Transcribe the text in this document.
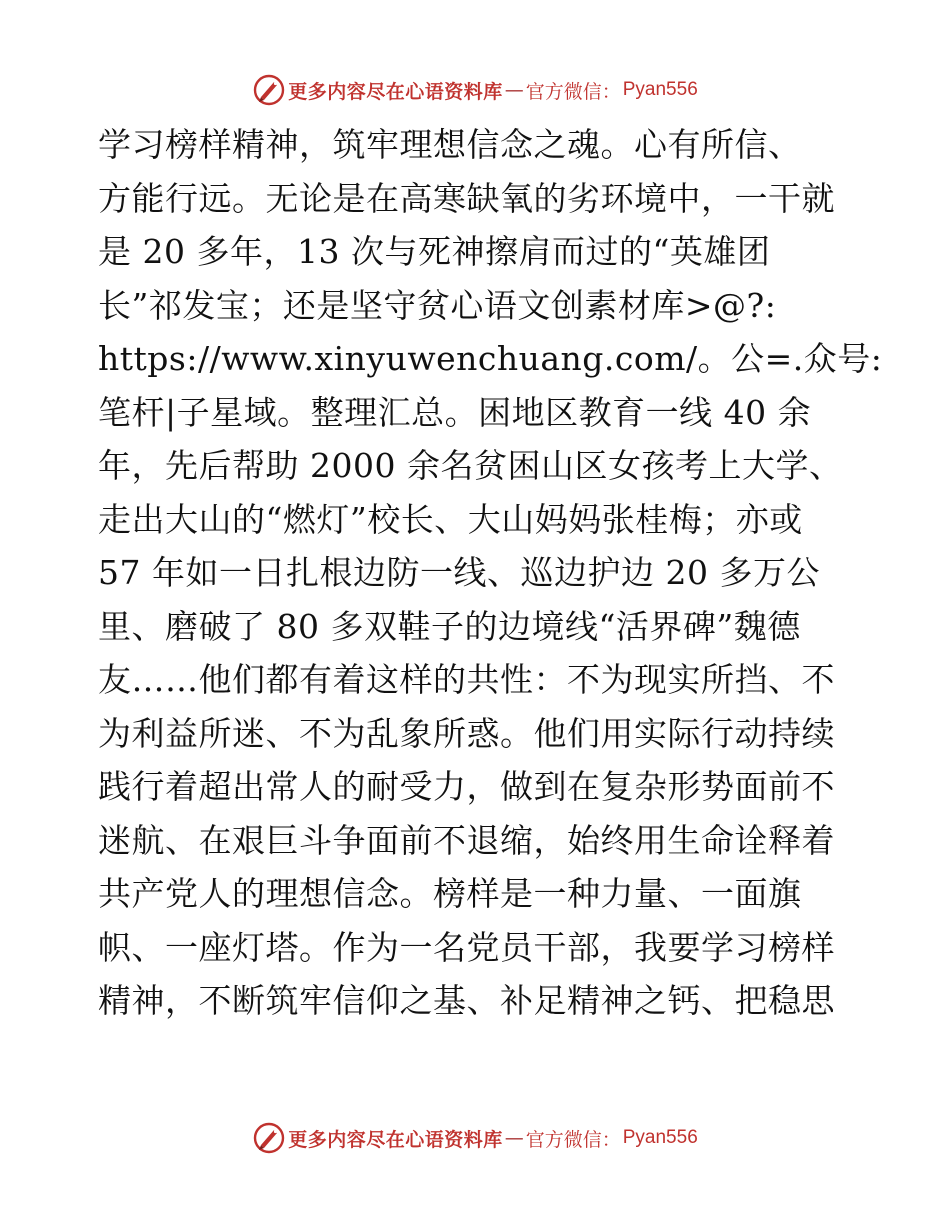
更多内容尽在心语资料库 — 官方微信： Pyan556
学习榜样精神，筑牢理想信念之魂。心有所信、
方能行远。无论是在高寒缺氧的劣环境中，一干就
是 20 多年，13 次与死神擦肩而过的“英雄团
长”祁发宝；还是坚守贫心语文创素材库>@?:
https://www.xinyuwenchuang.com/。公=.众号:
笔杆|子星域。整理汇总。困地区教育一线 40 余
年，先后帮助 2000 余名贫困山区女孩考上大学、
走出大山的“燃灯”校长、大山妈妈张桂梅；亦或
57 年如一日扎根边防一线、巡边护边 20 多万公
里、磨破了 80 多双鞋子的边境线“活界碑”魏德
友……他们都有着这样的共性：不为现实所挡、不
为利益所迷、不为乱象所惑。他们用实际行动持续
践行着超出常人的耐受力，做到在复杂形势面前不
迷航、在艰巨斗争面前不退缩，始终用生命诠释着
共产党人的理想信念。榜样是一种力量、一面旗
帜、一座灯塔。作为一名党员干部，我要学习榜样
精神，不断筑牢信仰之基、补足精神之钙、把稳思
更多内容尽在心语资料库 — 官方微信： Pyan556
